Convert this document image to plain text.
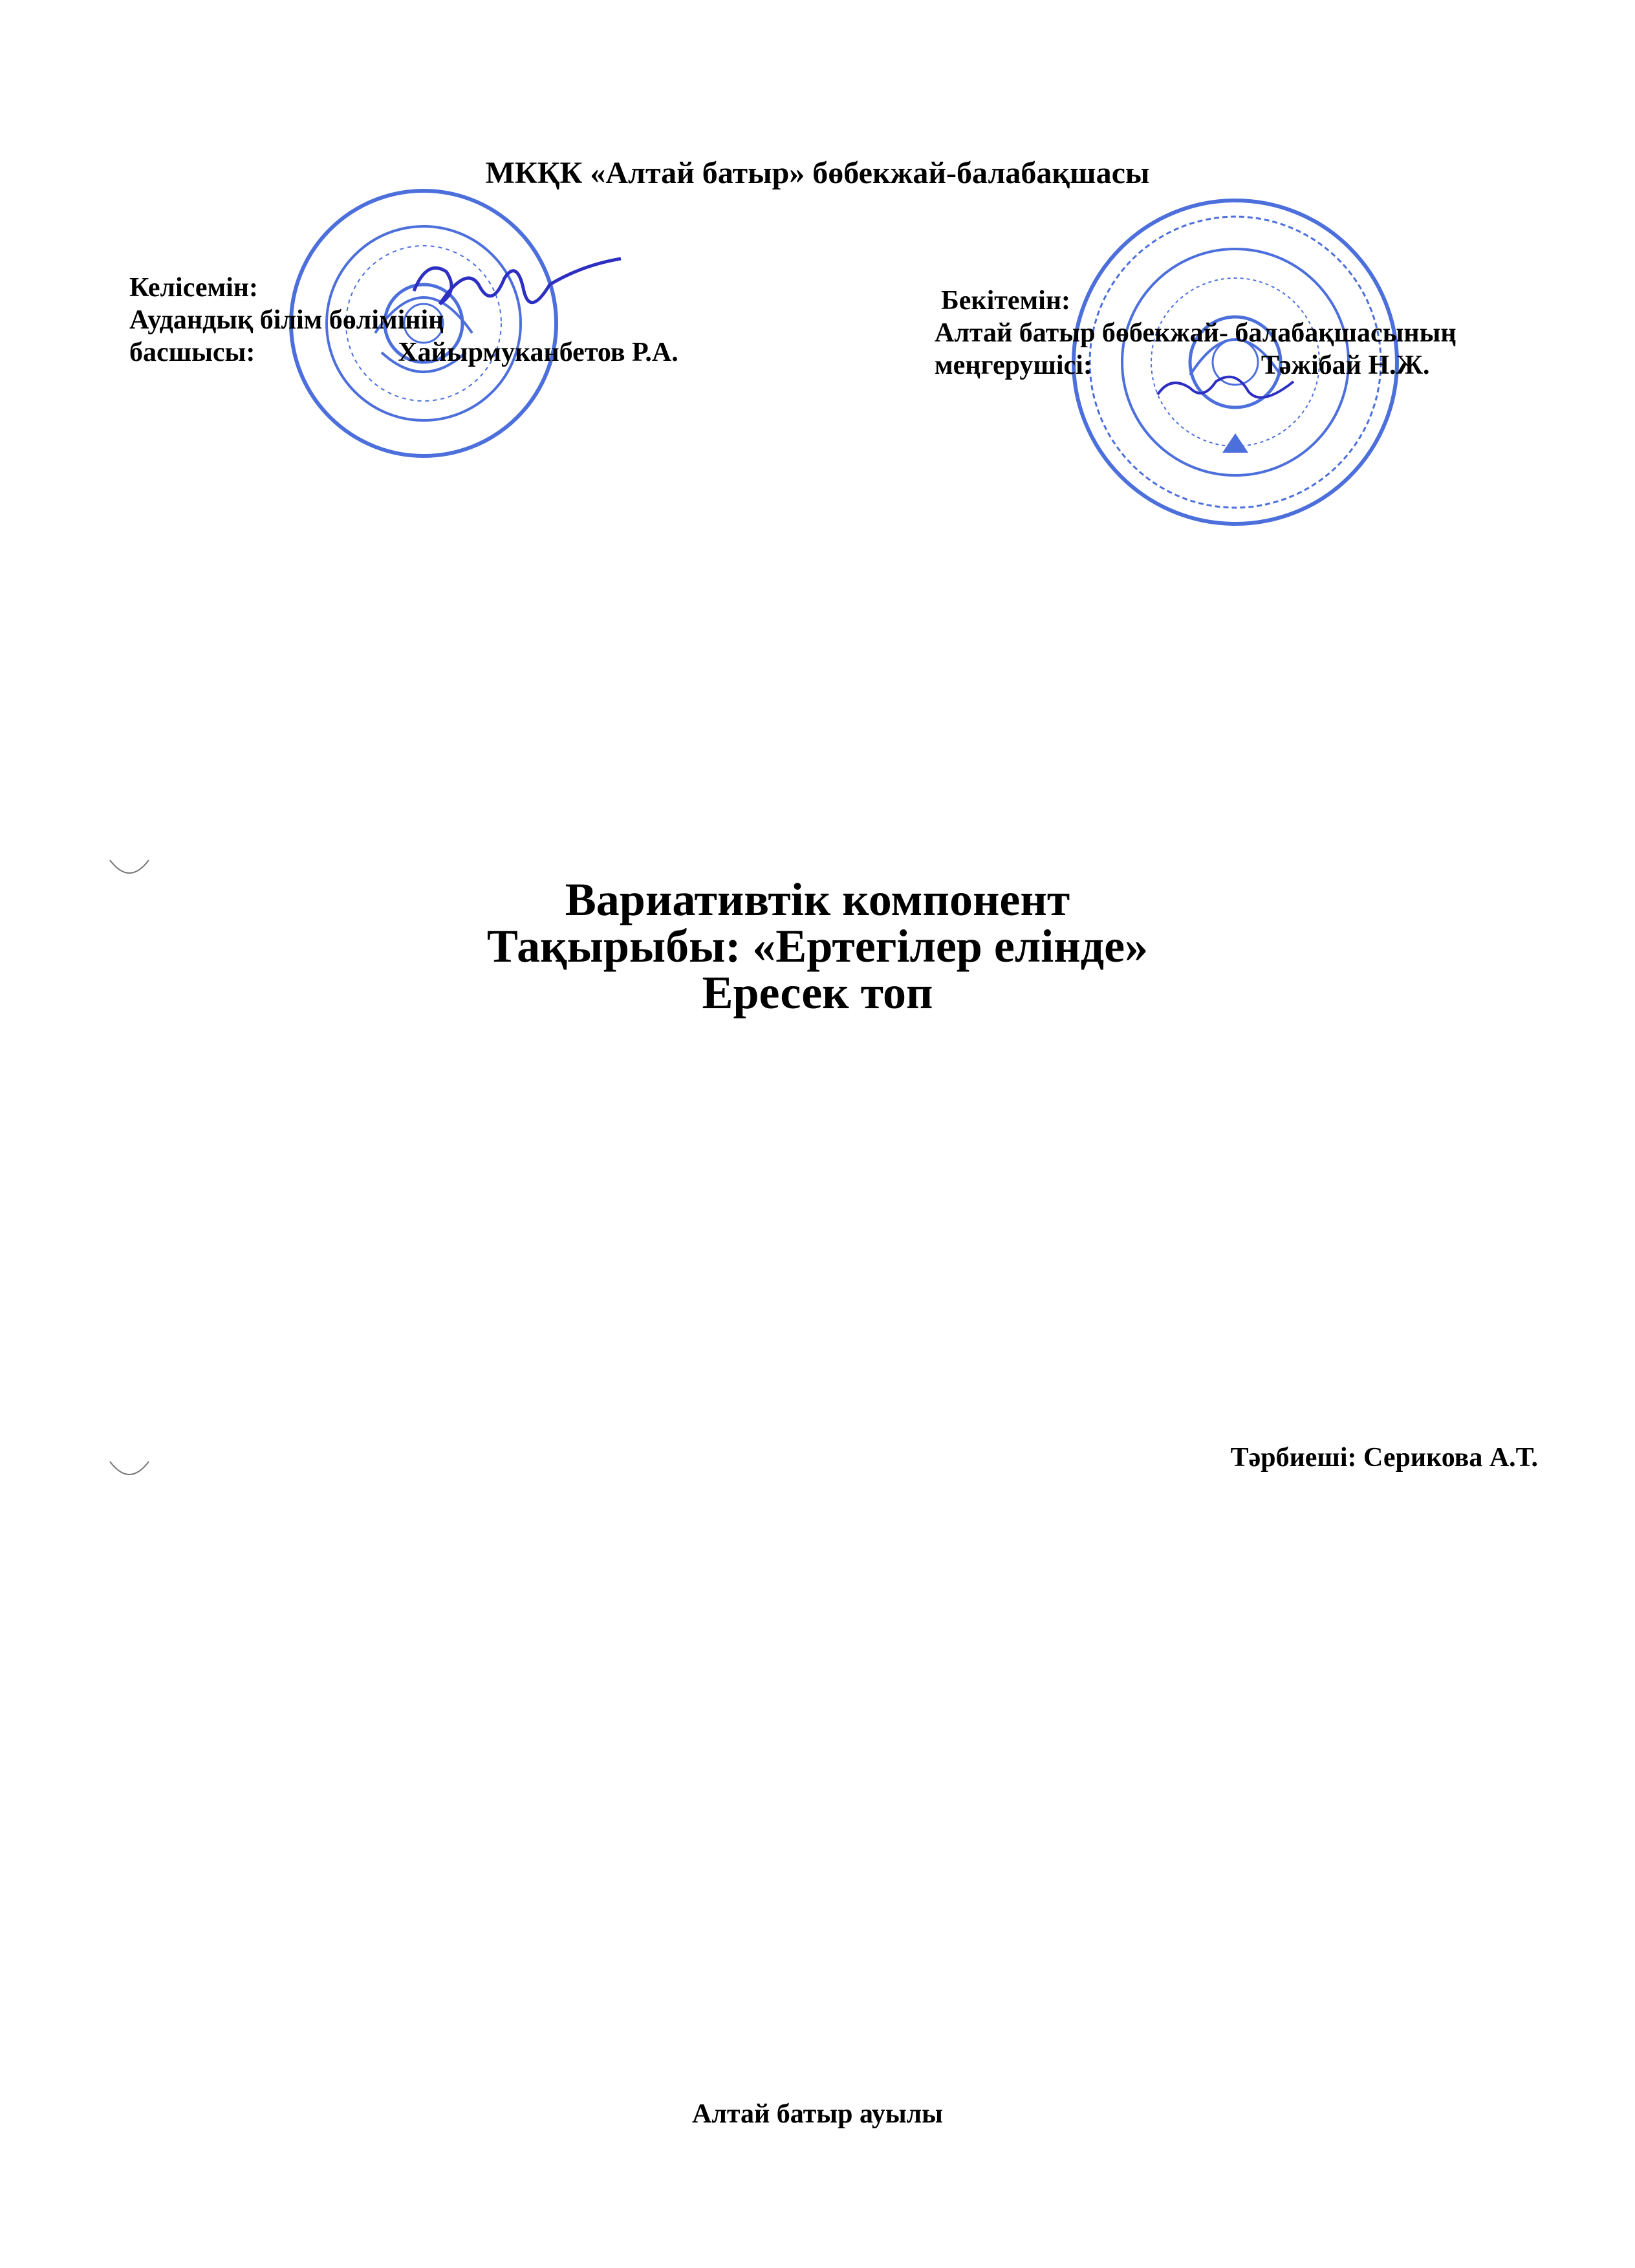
МКҚК «Алтай батыр» бөбекжай-балабақшасы
Келісемін:
Аудандық білім бөлімінің
басшысы:	Хайырмуканбетов Р.А.
Бекітемін:
Алтай батыр бөбекжай- балабақшасының
меңгерушісі:	Тәжібай Н.Ж.
Вариативтік компонент
Тақырыбы: «Ертегілер елінде»
Ересек топ
Тәрбиеші: Серикова А.Т.
Алтай батыр ауылы
